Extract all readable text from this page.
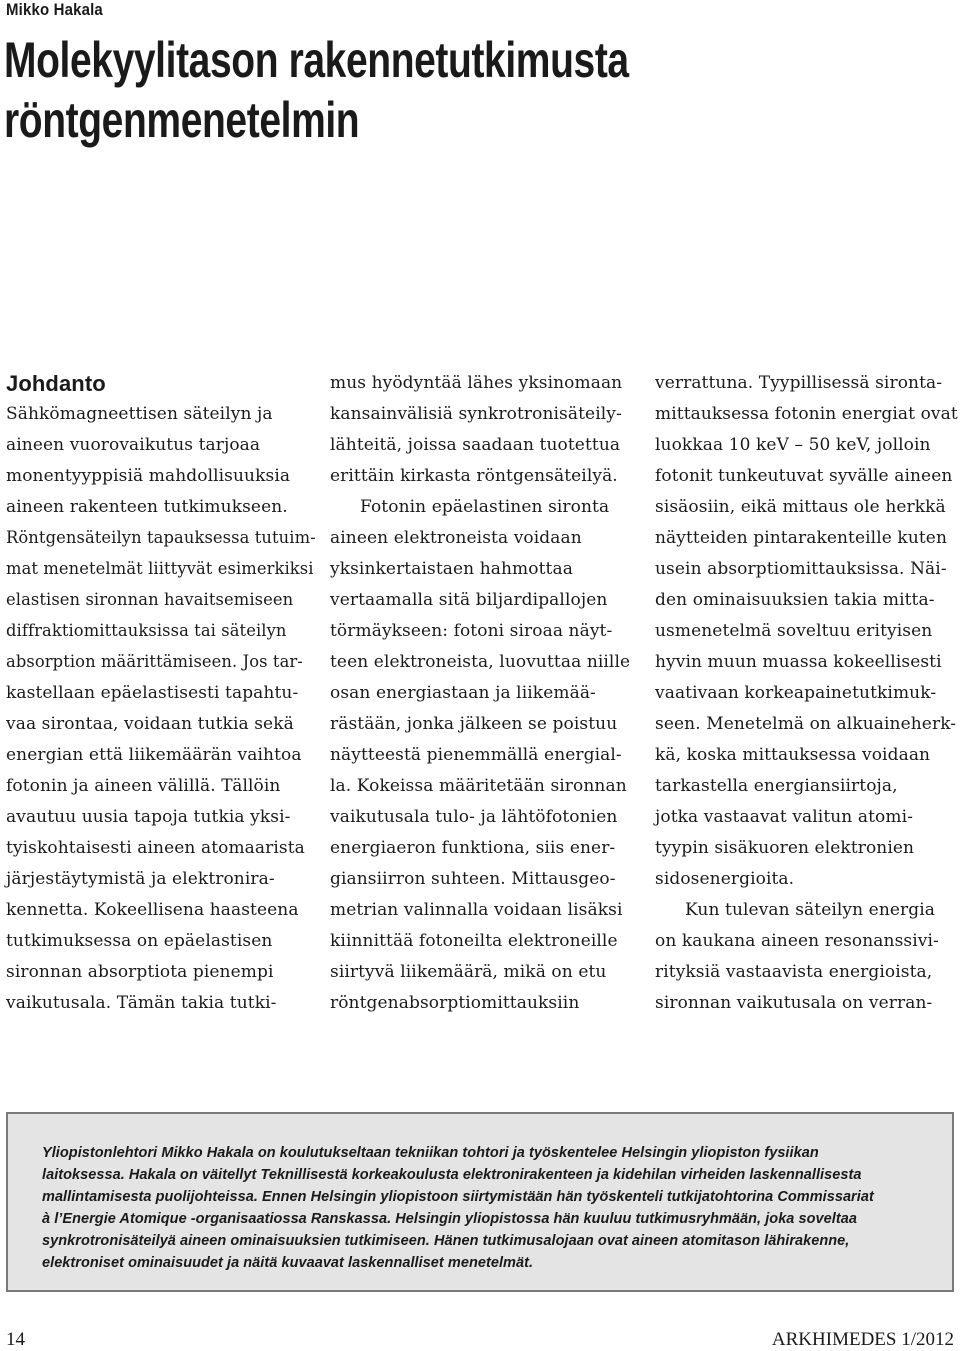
Mikko Hakala
Molekyylitason rakennetutkimusta
röntgenmenetelmin
Johdanto
Sähkömagneettisen säteilyn ja
aineen vuorovaikutus tarjoaa
monentyyppisiä mahdollisuuksia
aineen rakenteen tutkimukseen.
Röntgensäteilyn tapauksessa tutuim-
mat menetelmät liittyvät esimerkiksi
elastisen sironnan havaitsemiseen
diffraktiomittauksissa tai säteilyn
absorption määrittämiseen. Jos tar-
kastellaan epäelastisesti tapahtu-
vaa sirontaa, voidaan tutkia sekä
energian että liikemäärän vaihtoa
fotonin ja aineen välillä. Tällöin
avautuu uusia tapoja tutkia yksi-
tyiskohtaisesti aineen atomaarista
järjestäytymistä ja elektronira-
kennetta. Kokeellisena haasteena
tutkimuksessa on epäelastisen
sironnan absorptiota pienempi
vaikutusala. Tämän takia tutki-
mus hyödyntää lähes yksinomaan
kansainvälisiä synkrotronisäteily-
lähteitä, joissa saadaan tuotettua
erittäin kirkasta röntgensäteilyä.
Fotonin epäelastinen sironta
aineen elektroneista voidaan
yksinkertaistaen hahmottaa
vertaamalla sitä biljardipallojen
törmäykseen: fotoni siroaa näyt-
teen elektroneista, luovuttaa niille
osan energiastaan ja liikemää-
rästään, jonka jälkeen se poistuu
näytteestä pienemmällä energial-
la. Kokeissa määritetään sironnan
vaikutusala tulo- ja lähtöfotonien
energiaeron funktiona, siis ener-
giansiirron suhteen. Mittausgeo-
metrian valinnalla voidaan lisäksi
kiinnittää fotoneilta elektroneille
siirtyvä liikemäärä, mikä on etu
röntgenabsorptiomittauksiin
verrattuna. Tyypillisessä sironta-
mittauksessa fotonin energiat ovat
luokkaa 10 keV – 50 keV, jolloin
fotonit tunkeutuvat syvälle aineen
sisäosiin, eikä mittaus ole herkkä
näytteiden pintarakenteille kuten
usein absorptiomittauksissa. Näi-
den ominaisuuksien takia mitta-
usmenetelmä soveltuu erityisen
hyvin muun muassa kokeellisesti
vaativaan korkeapainetutkimuk-
seen. Menetelmä on alkuaineherk-
kä, koska mittauksessa voidaan
tarkastella energiansiirtoja,
jotka vastaavat valitun atomi-
tyypin sisäkuoren elektronien
sidosenergioita.
Kun tulevan säteilyn energia
on kaukana aineen resonanssivi-
rityksiä vastaavista energioista,
sironnan vaikutusala on verran-
Yliopistonlehtori Mikko Hakala on koulutukseltaan tekniikan tohtori ja työskentelee Helsingin yliopiston fysiikan
laitoksessa. Hakala on väitellyt Teknillisestä korkeakoulusta elektronirakenteen ja kidehilan virheiden laskennallisesta
mallintamisesta puolijohteissa. Ennen Helsingin yliopistoon siirtymistään hän työskenteli tutkijatohtorina Commissariat
à l’Energie Atomique -organisaatiossa Ranskassa. Helsingin yliopistossa hän kuuluu tutkimusryhmään, joka soveltaa
synkrotronisäteilyä aineen ominaisuuksien tutkimiseen. Hänen tutkimusalojaan ovat aineen atomitason lähirakenne,
elektroniset ominaisuudet ja näitä kuvaavat laskennalliset menetelmät.
14	ARKHIMEDES 1/2012
